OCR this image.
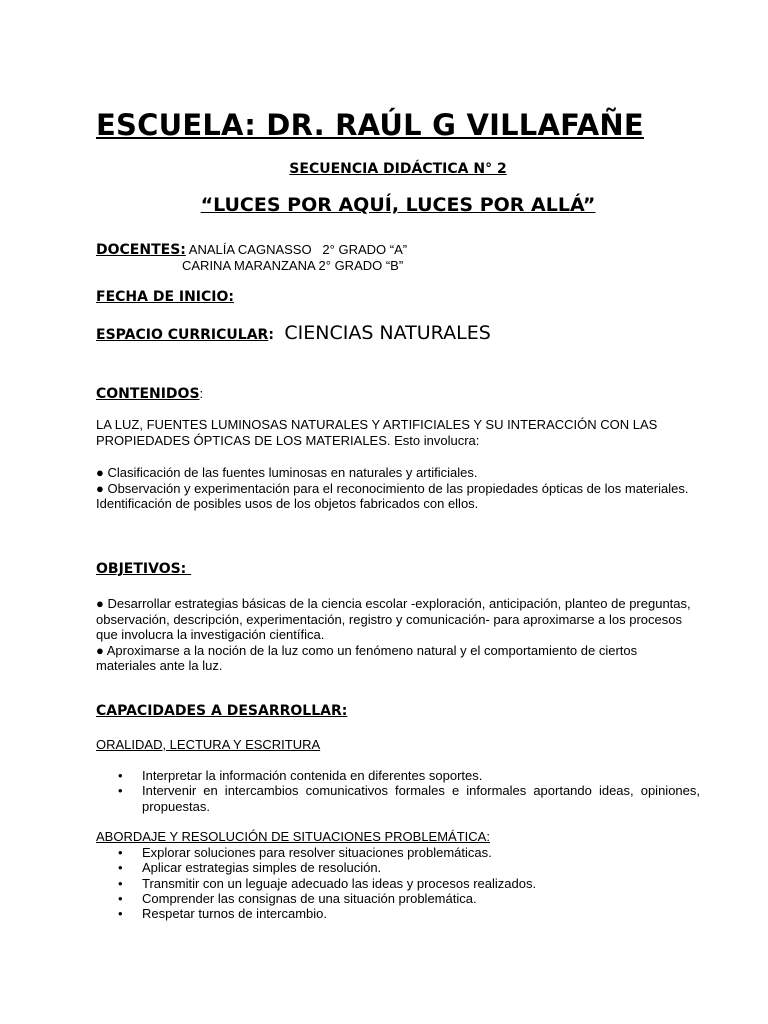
ESCUELA: DR. RAÚL G VILLAFAÑE
SECUENCIA DIDÁCTICA N° 2
“LUCES POR AQUÍ, LUCES POR ALLÁ”
DOCENTES: ANALÍA CAGNASSO   2° GRADO “A”
CARINA MARANZANA 2° GRADO “B”
FECHA DE INICIO:
ESPACIO CURRICULAR: CIENCIAS NATURALES
CONTENIDOS:

LA LUZ, FUENTES LUMINOSAS NATURALES Y ARTIFICIALES Y SU INTERACCIÓN CON LAS PROPIEDADES ÓPTICAS DE LOS MATERIALES. Esto involucra:

● Clasificación de las fuentes luminosas en naturales y artificiales.

● Observación y experimentación para el reconocimiento de las propiedades ópticas de los materiales. Identificación de posibles usos de los objetos fabricados con ellos.

OBJETIVOS:

● Desarrollar estrategias básicas de la ciencia escolar -exploración, anticipación, planteo de preguntas, observación, descripción, experimentación, registro y comunicación- para aproximarse a los procesos que involucra la investigación científica.

● Aproximarse a la noción de la luz como un fenómeno natural y el comportamiento de ciertos materiales ante la luz.

CAPACIDADES A DESARROLLAR:
ORALIDAD, LECTURA Y ESCRITURA
• Interpretar la información contenida en diferentes soportes.
• Intervenir en intercambios comunicativos formales e informales aportando ideas, opiniones, propuestas.
ABORDAJE Y RESOLUCIÓN DE SITUACIONES PROBLEMÁTICA:
• Explorar soluciones para resolver situaciones problemáticas.
• Aplicar estrategias simples de resolución.
• Transmitir con un leguaje adecuado las ideas y procesos realizados.
• Comprender las consignas de una situación problemática.
• Respetar turnos de intercambio.
